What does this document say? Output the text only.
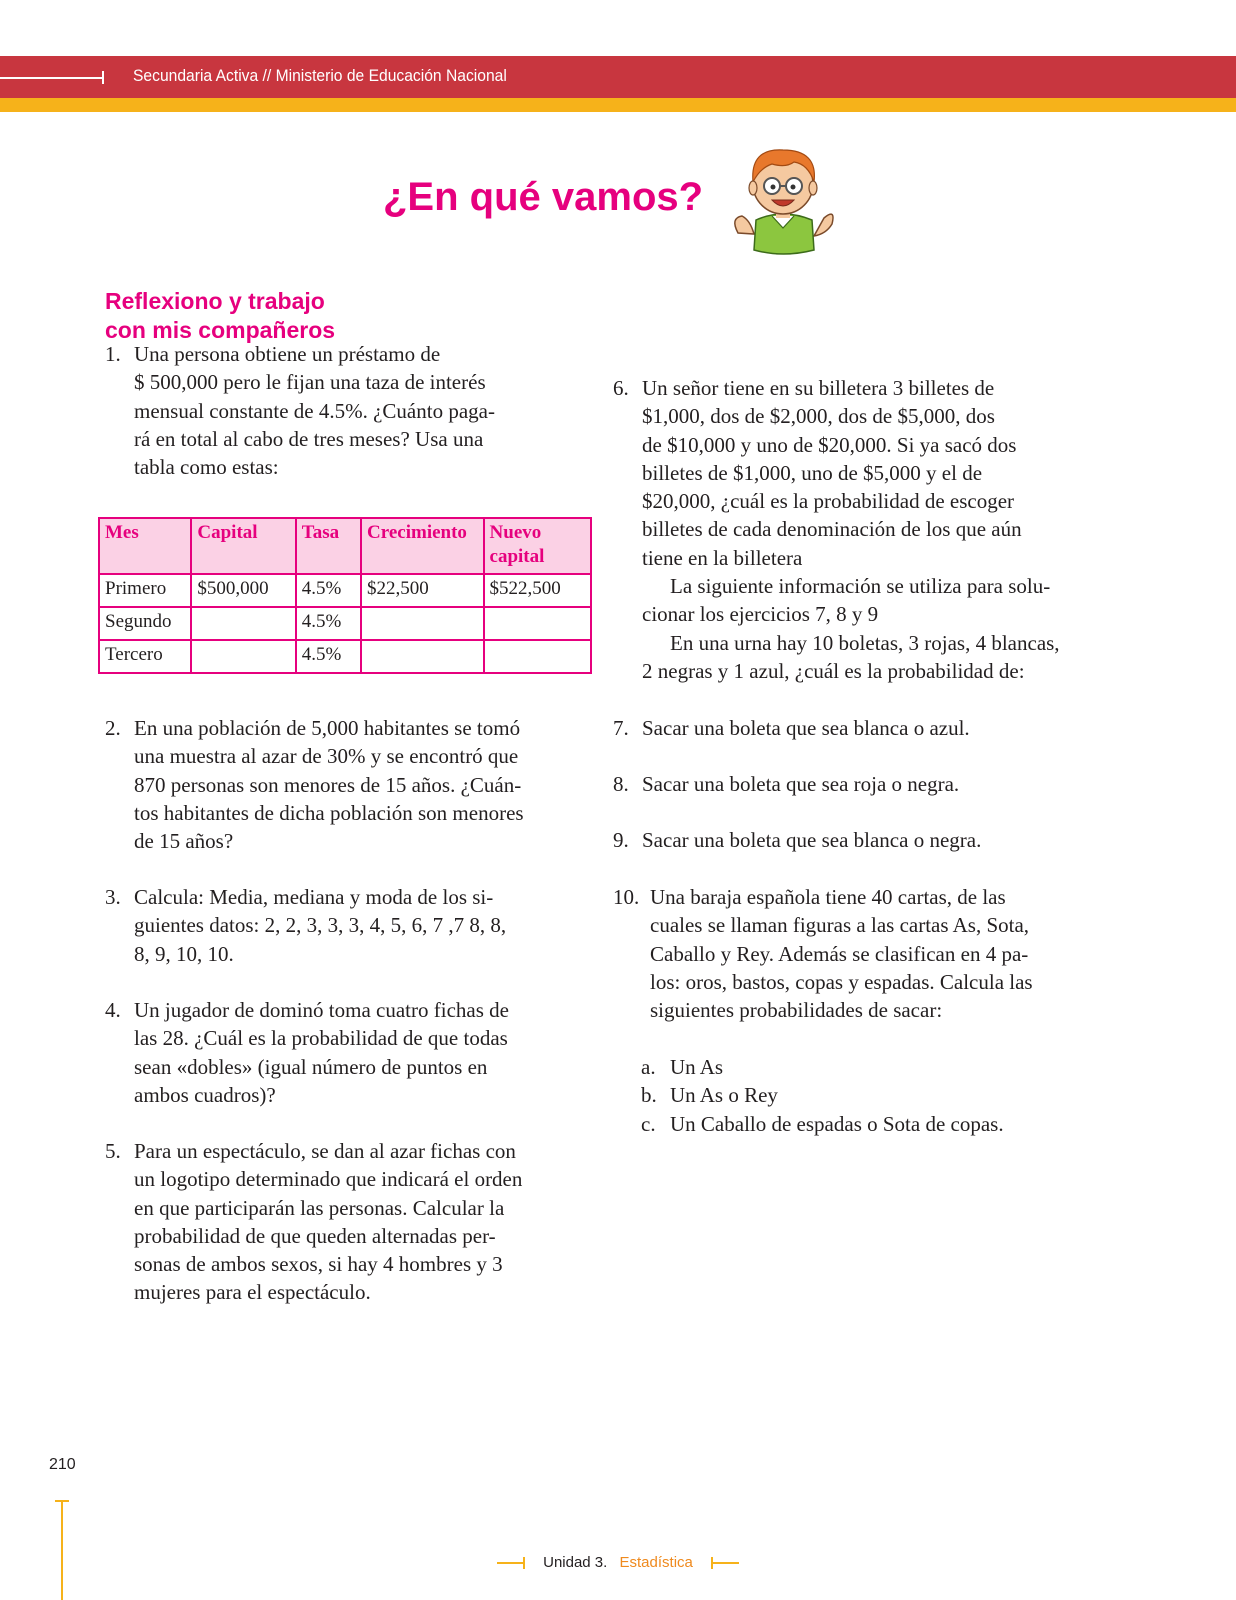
Secundaria Activa // Ministerio de Educación Nacional
¿En qué vamos?
Reflexiono y trabajo
con mis compañeros
1. Una persona obtiene un préstamo de
$ 500,000 pero le fijan una taza de interés
mensual constante de 4.5%. ¿Cuánto paga-
rá en total al cabo de tres meses? Usa una
tabla como estas:
Mes	Capital	Tasa	Crecimiento	Nuevo capital
Primero	$500,000	4.5%	$22,500	$522,500
Segundo		4.5%		
Tercero		4.5%		
2. En una población de 5,000 habitantes se tomó
una muestra al azar de 30% y se encontró que
870 personas son menores de 15 años. ¿Cuán-
tos habitantes de dicha población son menores
de 15 años?
3. Calcula: Media, mediana y moda de los si-
guientes datos: 2, 2, 3, 3, 3, 4, 5, 6, 7 ,7 8, 8,
8, 9, 10, 10.
4. Un jugador de dominó toma cuatro fichas de
las 28. ¿Cuál es la probabilidad de que todas
sean «dobles» (igual número de puntos en
ambos cuadros)?
5. Para un espectáculo, se dan al azar fichas con
un logotipo determinado que indicará el orden
en que participarán las personas. Calcular la
probabilidad de que queden alternadas per-
sonas de ambos sexos, si hay 4 hombres y 3
mujeres para el espectáculo.
6. Un señor tiene en su billetera 3 billetes de
$1,000, dos de $2,000, dos de $5,000, dos
de $10,000 y uno de $20,000. Si ya sacó dos
billetes de $1,000, uno de $5,000 y el de
$20,000, ¿cuál es la probabilidad de escoger
billetes de cada denominación de los que aún
tiene en la billetera
La siguiente información se utiliza para solu-
cionar los ejercicios 7, 8 y 9
En una urna hay 10 boletas, 3 rojas, 4 blancas,
2 negras y 1 azul, ¿cuál es la probabilidad de:
7. Sacar una boleta que sea blanca o azul.
8. Sacar una boleta que sea roja o negra.
9. Sacar una boleta que sea blanca o negra.
10. Una baraja española tiene 40 cartas, de las
cuales se llaman figuras a las cartas As, Sota,
Caballo y Rey. Además se clasifican en 4 pa-
los: oros, bastos, copas y espadas. Calcula las
siguientes probabilidades de sacar:
a. Un As
b. Un As o Rey
c. Un Caballo de espadas o Sota de copas.
210
Unidad 3. Estadística
